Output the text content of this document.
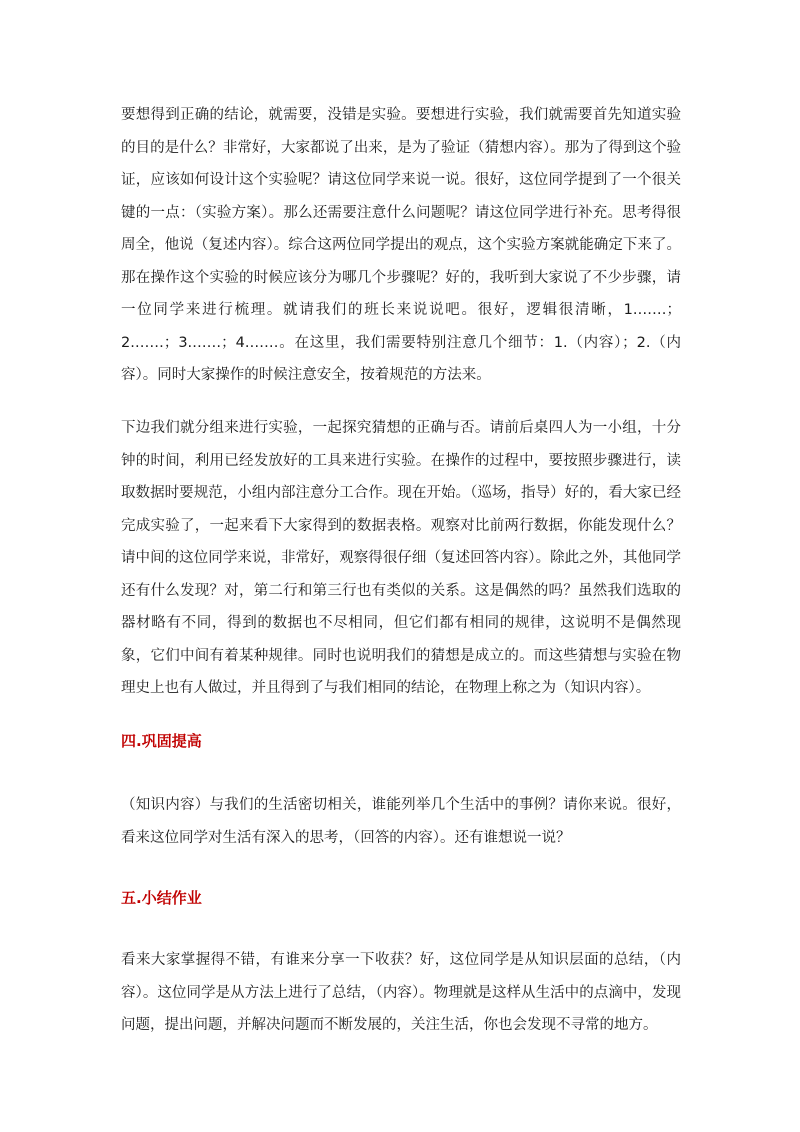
要想得到正确的结论，就需要，没错是实验。要想进行实验，我们就需要首先知道实验的目的是什么？非常好，大家都说了出来，是为了验证（猜想内容）。那为了得到这个验证，应该如何设计这个实验呢？请这位同学来说一说。很好，这位同学提到了一个很关键的一点：（实验方案）。那么还需要注意什么问题呢？请这位同学进行补充。思考得很周全，他说（复述内容）。综合这两位同学提出的观点，这个实验方案就能确定下来了。那在操作这个实验的时候应该分为哪几个步骤呢？好的，我听到大家说了不少步骤，请一位同学来进行梳理。就请我们的班长来说说吧。很好，逻辑很清晰，1.……；2.……；3.……；4.……。在这里，我们需要特别注意几个细节：1.（内容）；2.（内容）。同时大家操作的时候注意安全，按着规范的方法来。

下边我们就分组来进行实验，一起探究猜想的正确与否。请前后桌四人为一小组，十分钟的时间，利用已经发放好的工具来进行实验。在操作的过程中，要按照步骤进行，读取数据时要规范，小组内部注意分工合作。现在开始。（巡场，指导）好的，看大家已经完成实验了，一起来看下大家得到的数据表格。观察对比前两行数据，你能发现什么？请中间的这位同学来说，非常好，观察得很仔细（复述回答内容）。除此之外，其他同学还有什么发现？对，第二行和第三行也有类似的关系。这是偶然的吗？虽然我们选取的器材略有不同，得到的数据也不尽相同，但它们都有相同的规律，这说明不是偶然现象，它们中间有着某种规律。同时也说明我们的猜想是成立的。而这些猜想与实验在物理史上也有人做过，并且得到了与我们相同的结论，在物理上称之为（知识内容）。

四.巩固提高

（知识内容）与我们的生活密切相关，谁能列举几个生活中的事例？请你来说。很好，看来这位同学对生活有深入的思考，（回答的内容）。还有谁想说一说？

五.小结作业

看来大家掌握得不错，有谁来分享一下收获？好，这位同学是从知识层面的总结，（内容）。这位同学是从方法上进行了总结，（内容）。物理就是这样从生活中的点滴中，发现问题，提出问题，并解决问题而不断发展的，关注生活，你也会发现不寻常的地方。
